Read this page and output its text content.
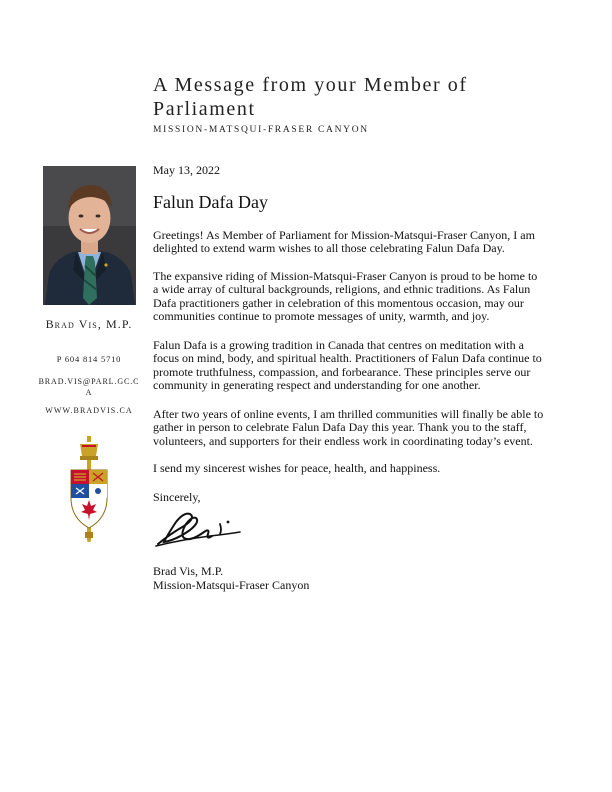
A Message from your Member of Parliament
MISSION-MATSQUI-FRASER CANYON
Brad Vis, M.P.
P 604 814 5710
BRAD.VIS@PARL.GC.CA
WWW.BRADVIS.CA
May 13, 2022
Falun Dafa Day

Greetings! As Member of Parliament for Mission-Matsqui-Fraser Canyon, I am delighted to extend warm wishes to all those celebrating Falun Dafa Day.

The expansive riding of Mission-Matsqui-Fraser Canyon is proud to be home to a wide array of cultural backgrounds, religions, and ethnic traditions. As Falun Dafa practitioners gather in celebration of this momentous occasion, may our communities continue to promote messages of unity, warmth, and joy.

Falun Dafa is a growing tradition in Canada that centres on meditation with a focus on mind, body, and spiritual health. Practitioners of Falun Dafa continue to promote truthfulness, compassion, and forbearance. These principles serve our community in generating respect and understanding for one another.

After two years of online events, I am thrilled communities will finally be able to gather in person to celebrate Falun Dafa Day this year. Thank you to the staff, volunteers, and supporters for their endless work in coordinating today’s event.

I send my sincerest wishes for peace, health, and happiness.

Sincerely,
Brad Vis, M.P.
Mission-Matsqui-Fraser Canyon
